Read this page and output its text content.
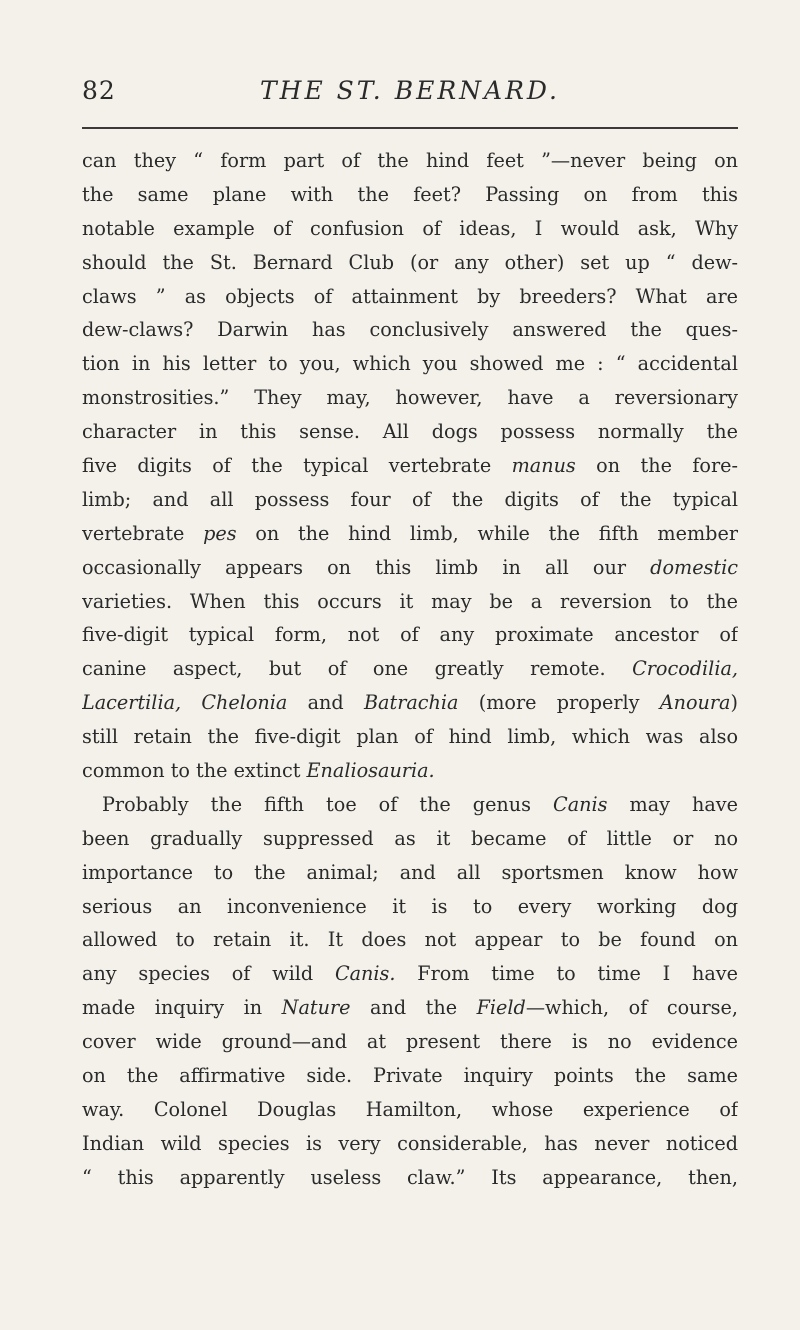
82	THE ST. BERNARD.
can they “ form part of the hind feet ”—never being on
the same plane with the feet? Passing on from this
notable example of confusion of ideas, I would ask, Why
should the St. Bernard Club (or any other) set up “ dew-
claws ” as objects of attainment by breeders? What are
dew-claws? Darwin has conclusively answered the ques-
tion in his letter to you, which you showed me : “ accidental
monstrosities.” They may, however, have a reversionary
character in this sense. All dogs possess normally the
five digits of the typical vertebrate manus on the fore-
limb; and all possess four of the digits of the typical
vertebrate pes on the hind limb, while the fifth member
occasionally appears on this limb in all our domestic
varieties. When this occurs it may be a reversion to the
five-digit typical form, not of any proximate ancestor of
canine aspect, but of one greatly remote. Crocodilia,
Lacertilia, Chelonia and Batrachia (more properly Anoura)
still retain the five-digit plan of hind limb, which was also
common to the extinct Enaliosauria.
Probably the fifth toe of the genus Canis may have
been gradually suppressed as it became of little or no
importance to the animal; and all sportsmen know how
serious an inconvenience it is to every working dog
allowed to retain it. It does not appear to be found on
any species of wild Canis. From time to time I have
made inquiry in Nature and the Field—which, of course,
cover wide ground—and at present there is no evidence
on the affirmative side. Private inquiry points the same
way. Colonel Douglas Hamilton, whose experience of
Indian wild species is very considerable, has never noticed
“ this apparently useless claw.” Its appearance, then,
